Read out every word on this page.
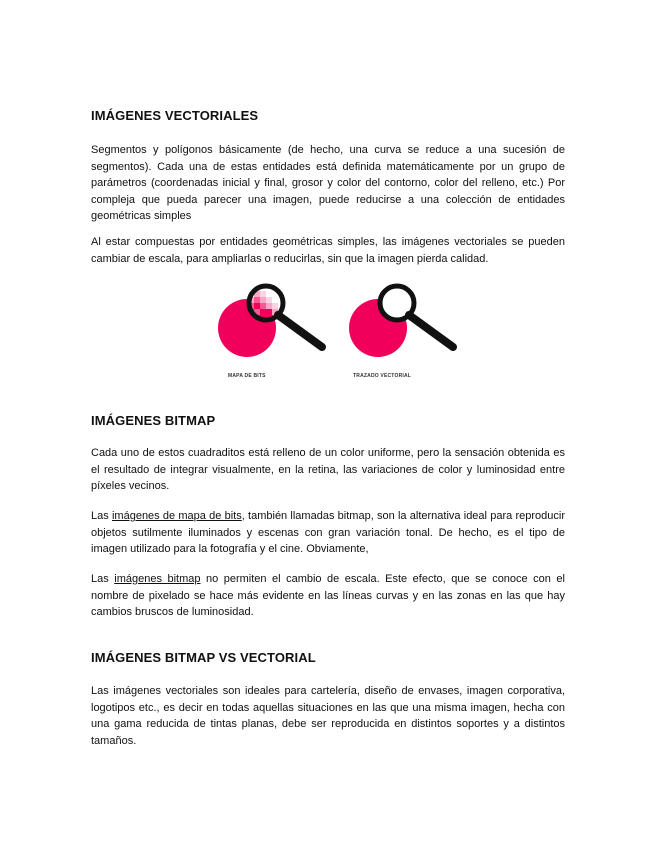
IMÁGENES VECTORIALES

Segmentos y polígonos básicamente (de hecho, una curva se reduce a una sucesión de segmentos). Cada una de estas entidades está definida matemáticamente por un grupo de parámetros (coordenadas inicial y final, grosor y color del contorno, color del relleno, etc.) Por compleja que pueda parecer una imagen, puede reducirse a una colección de entidades geométricas simples

Al estar compuestas por entidades geométricas simples, las imágenes vectoriales se pueden cambiar de escala, para ampliarlas o reducirlas, sin que la imagen pierda calidad.

MAPA DE BITS	TRAZADO VECTORIAL
IMÁGENES BITMAP

Cada uno de estos cuadraditos está relleno de un color uniforme, pero la sensación obtenida es el resultado de integrar visualmente, en la retina, las variaciones de color y luminosidad entre píxeles vecinos.

Las imágenes de mapa de bits, también llamadas bitmap, son la alternativa ideal para reproducir objetos sutilmente iluminados y escenas con gran variación tonal. De hecho, es el tipo de imagen utilizado para la fotografía y el cine. Obviamente,

Las imágenes bitmap no permiten el cambio de escala. Este efecto, que se conoce con el nombre de pixelado se hace más evidente en las líneas curvas y en las zonas en las que hay cambios bruscos de luminosidad.

IMÁGENES BITMAP VS VECTORIAL

Las imágenes vectoriales son ideales para cartelería, diseño de envases, imagen corporativa, logotipos etc., es decir en todas aquellas situaciones en las que una misma imagen, hecha con una gama reducida de tintas planas, debe ser reproducida en distintos soportes y a distintos tamaños.
